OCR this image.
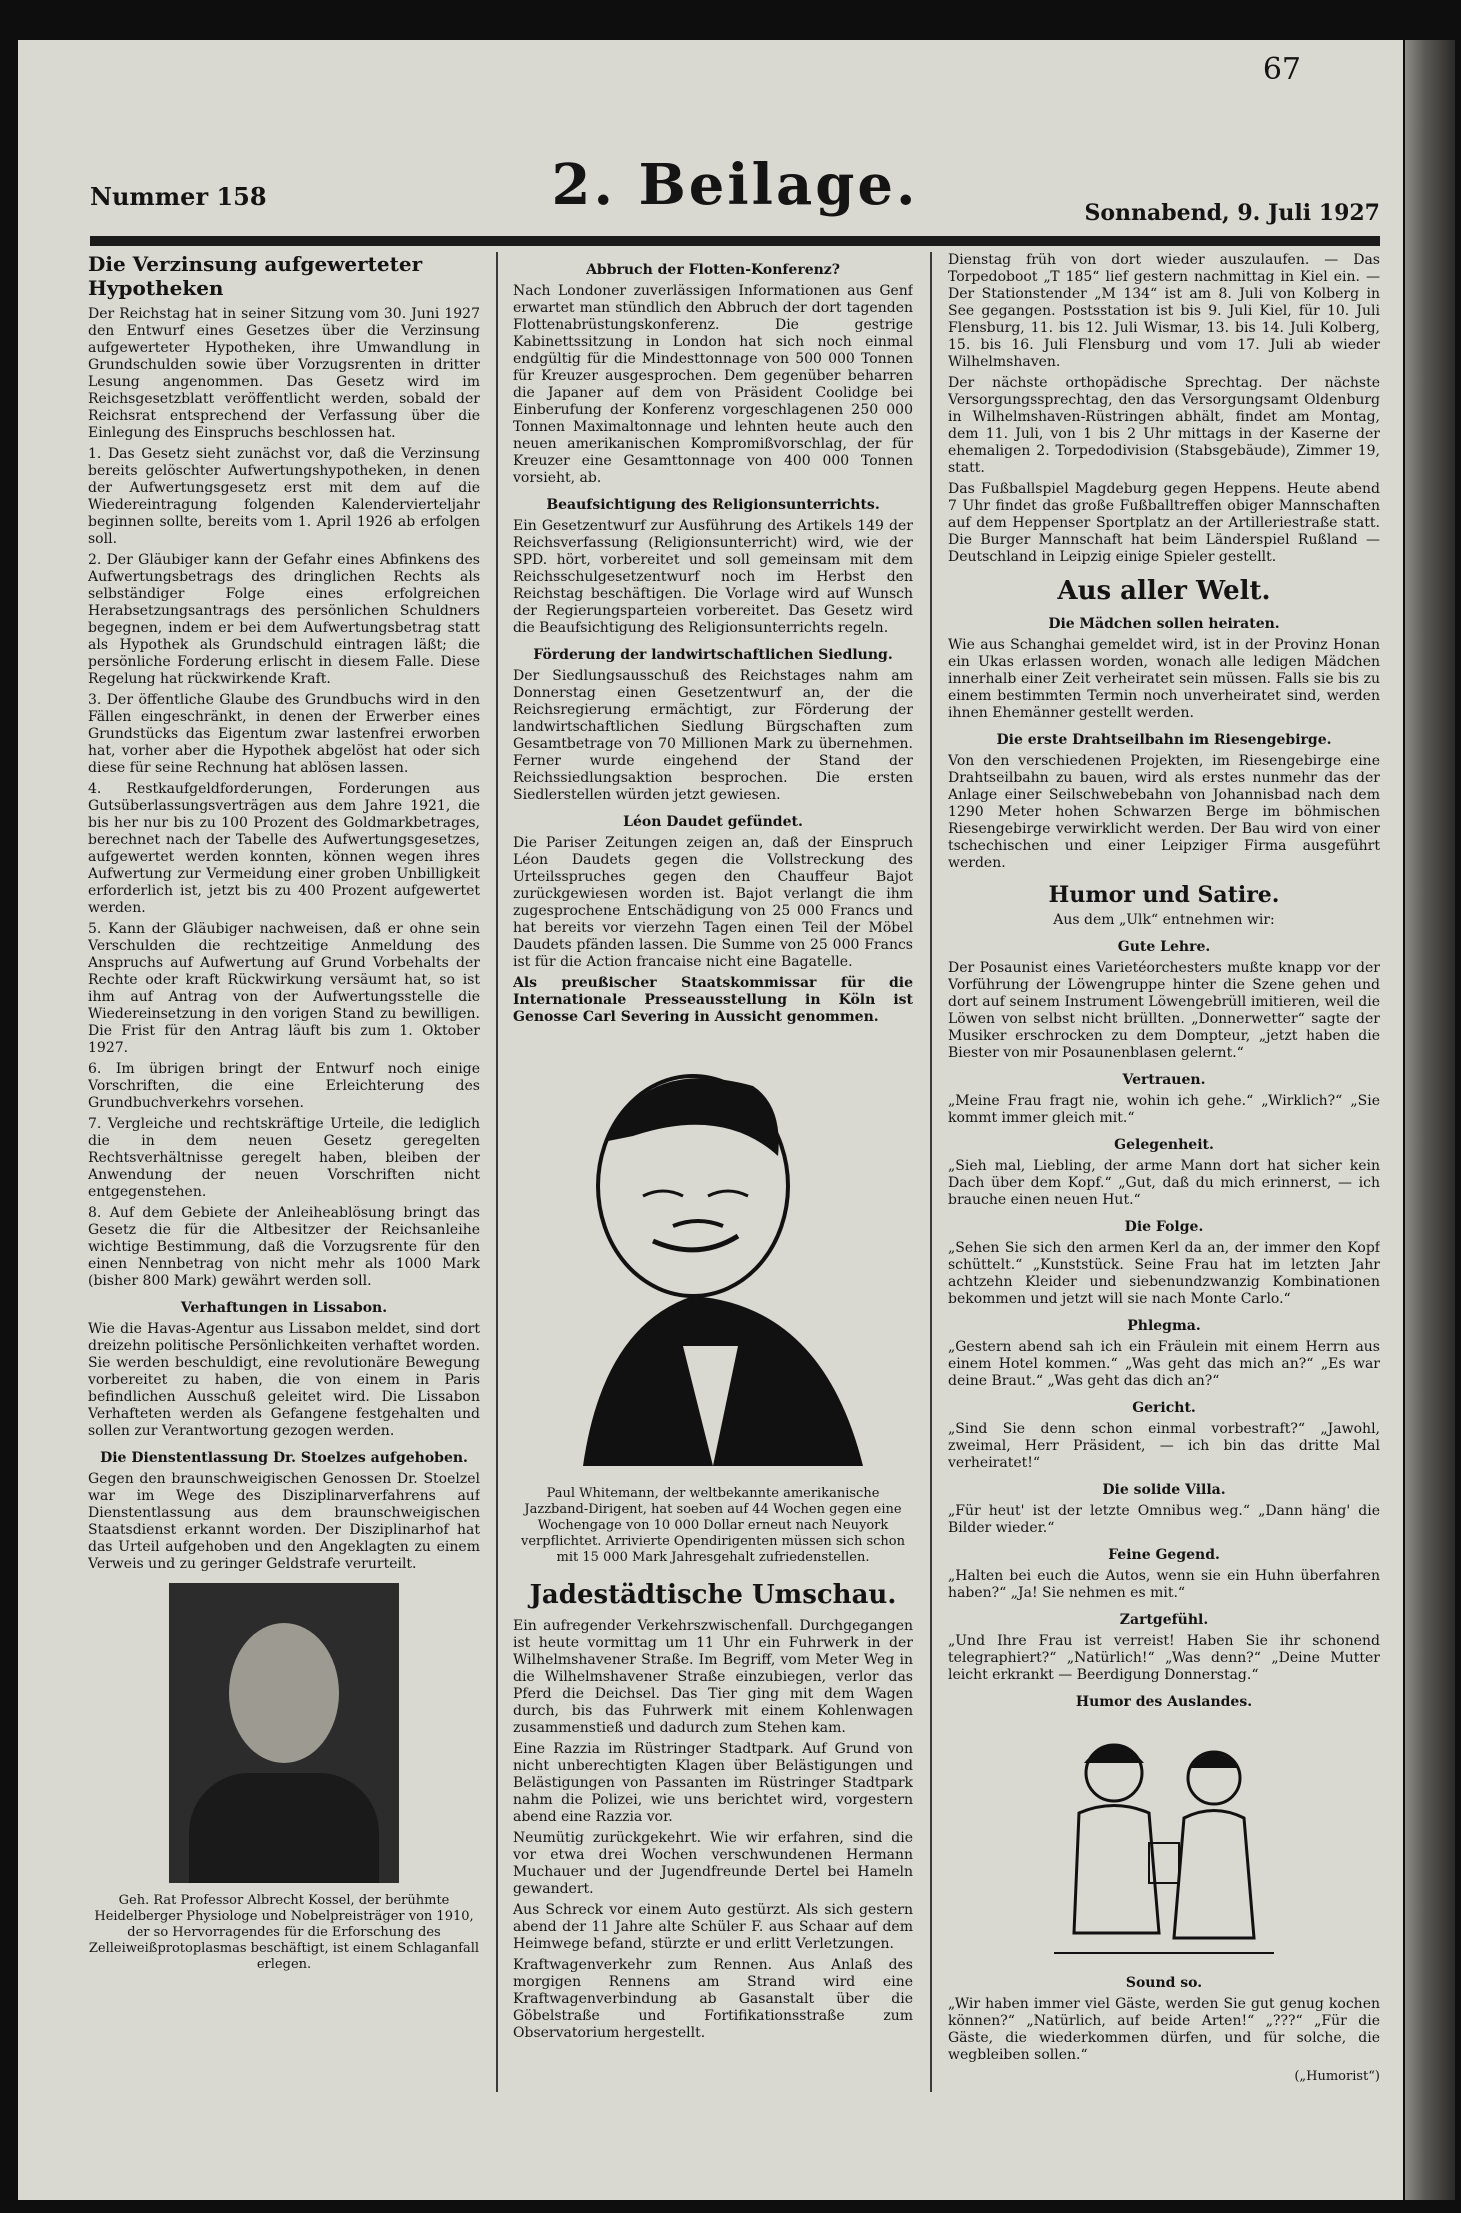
67
Nummer 158	2. Beilage.	Sonnabend, 9. Juli 1927
Die Verzinsung aufgewerteter Hypotheken

Der Reichstag hat in seiner Sitzung vom 30. Juni 1927 den Entwurf eines Gesetzes über die Verzinsung aufgewerteter Hypotheken, ihre Umwandlung in Grundschulden sowie über Vorzugsrenten in dritter Lesung angenommen. Das Gesetz wird im Reichsgesetzblatt veröffentlicht werden, sobald der Reichsrat entsprechend der Verfassung über die Einlegung des Einspruchs beschlossen hat.

1. Das Gesetz sieht zunächst vor, daß die Verzinsung bereits gelöschter Aufwertungshypotheken, in denen der Aufwertungsgesetz erst mit dem auf die Wiedereintragung folgenden Kalendervierteljahr beginnen sollte, bereits vom 1. April 1926 ab erfolgen soll.

2. Der Gläubiger kann der Gefahr eines Abfinkens des Aufwertungsbetrags des dringlichen Rechts als selbständiger Folge eines erfolgreichen Herabsetzungsantrags des persönlichen Schuldners begegnen, indem er bei dem Aufwertungsbetrag statt als Hypothek als Grundschuld eintragen läßt; die persönliche Forderung erlischt in diesem Falle. Diese Regelung hat rückwirkende Kraft.

3. Der öffentliche Glaube des Grundbuchs wird in den Fällen eingeschränkt, in denen der Erwerber eines Grundstücks das Eigentum zwar lastenfrei erworben hat, vorher aber die Hypothek abgelöst hat oder sich diese für seine Rechnung hat ablösen lassen.

4. Restkaufgeldforderungen, Forderungen aus Gutsüberlassungsverträgen aus dem Jahre 1921, die bis her nur bis zu 100 Prozent des Goldmarkbetrages, berechnet nach der Tabelle des Aufwertungsgesetzes, aufgewertet werden konnten, können wegen ihres Aufwertung zur Vermeidung einer groben Unbilligkeit erforderlich ist, jetzt bis zu 400 Prozent aufgewertet werden.

5. Kann der Gläubiger nachweisen, daß er ohne sein Verschulden die rechtzeitige Anmeldung des Anspruchs auf Aufwertung auf Grund Vorbehalts der Rechte oder kraft Rückwirkung versäumt hat, so ist ihm auf Antrag von der Aufwertungsstelle die Wiedereinsetzung in den vorigen Stand zu bewilligen. Die Frist für den Antrag läuft bis zum 1. Oktober 1927.

6. Im übrigen bringt der Entwurf noch einige Vorschriften, die eine Erleichterung des Grundbuchverkehrs vorsehen.

7. Vergleiche und rechtskräftige Urteile, die lediglich die in dem neuen Gesetz geregelten Rechtsverhältnisse geregelt haben, bleiben der Anwendung der neuen Vorschriften nicht entgegenstehen.

8. Auf dem Gebiete der Anleiheablösung bringt das Gesetz die für die Altbesitzer der Reichsanleihe wichtige Bestimmung, daß die Vorzugsrente für den einen Nennbetrag von nicht mehr als 1000 Mark (bisher 800 Mark) gewährt werden soll.

Verhaftungen in Lissabon.

Wie die Havas-Agentur aus Lissabon meldet, sind dort dreizehn politische Persönlichkeiten verhaftet worden. Sie werden beschuldigt, eine revolutionäre Bewegung vorbereitet zu haben, die von einem in Paris befindlichen Ausschuß geleitet wird. Die Lissabon Verhafteten werden als Gefangene festgehalten und sollen zur Verantwortung gezogen werden.

Die Dienstentlassung Dr. Stoelzes aufgehoben.

Gegen den braunschweigischen Genossen Dr. Stoelzel war im Wege des Disziplinarverfahrens auf Dienstentlassung aus dem braunschweigischen Staatsdienst erkannt worden. Der Disziplinarhof hat das Urteil aufgehoben und den Angeklagten zu einem Verweis und zu geringer Geldstrafe verurteilt.

Geh. Rat Professor Albrecht Kossel, der berühmte Heidelberger Physiologe und Nobelpreisträger von 1910, der so Hervorragendes für die Erforschung des Zelleiweißprotoplasmas beschäftigt, ist einem Schlaganfall erlegen.
Abbruch der Flotten-Konferenz?

Nach Londoner zuverlässigen Informationen aus Genf erwartet man stündlich den Abbruch der dort tagenden Flottenabrüstungskonferenz. Die gestrige Kabinettssitzung in London hat sich noch einmal endgültig für die Mindesttonnage von 500 000 Tonnen für Kreuzer ausgesprochen. Dem gegenüber beharren die Japaner auf dem von Präsident Coolidge bei Einberufung der Konferenz vorgeschlagenen 250 000 Tonnen Maximaltonnage und lehnten heute auch den neuen amerikanischen Kompromißvorschlag, der für Kreuzer eine Gesamttonnage von 400 000 Tonnen vorsieht, ab.

Beaufsichtigung des Religionsunterrichts.

Ein Gesetzentwurf zur Ausführung des Artikels 149 der Reichsverfassung (Religionsunterricht) wird, wie der SPD. hört, vorbereitet und soll gemeinsam mit dem Reichsschulgesetzentwurf noch im Herbst den Reichstag beschäftigen. Die Vorlage wird auf Wunsch der Regierungsparteien vorbereitet. Das Gesetz wird die Beaufsichtigung des Religionsunterrichts regeln.

Förderung der landwirtschaftlichen Siedlung.

Der Siedlungsausschuß des Reichstages nahm am Donnerstag einen Gesetzentwurf an, der die Reichsregierung ermächtigt, zur Förderung der landwirtschaftlichen Siedlung Bürgschaften zum Gesamtbetrage von 70 Millionen Mark zu übernehmen. Ferner wurde eingehend der Stand der Reichssiedlungsaktion besprochen. Die ersten Siedlerstellen würden jetzt gewiesen.

Léon Daudet gefündet.

Die Pariser Zeitungen zeigen an, daß der Einspruch Léon Daudets gegen die Vollstreckung des Urteilsspruches gegen den Chauffeur Bajot zurückgewiesen worden ist. Bajot verlangt die ihm zugesprochene Entschädigung von 25 000 Francs und hat bereits vor vierzehn Tagen einen Teil der Möbel Daudets pfänden lassen. Die Summe von 25 000 Francs ist für die Action francaise nicht eine Bagatelle.

Als preußischer Staatskommissar für die Internationale Presseausstellung in Köln ist Genosse Carl Severing in Aussicht genommen.

Paul Whitemann, der weltbekannte amerikanische Jazzband-Dirigent, hat soeben auf 44 Wochen gegen eine Wochengage von 10 000 Dollar erneut nach Neuyork verpflichtet. Arrivierte Opendirigenten müssen sich schon mit 15 000 Mark Jahresgehalt zufriedenstellen.
Jadestädtische Umschau.

Ein aufregender Verkehrszwischenfall. Durchgegangen ist heute vormittag um 11 Uhr ein Fuhrwerk in der Wilhelmshavener Straße. Im Begriff, vom Meter Weg in die Wilhelmshavener Straße einzubiegen, verlor das Pferd die Deichsel. Das Tier ging mit dem Wagen durch, bis das Fuhrwerk mit einem Kohlenwagen zusammenstieß und dadurch zum Stehen kam.

Eine Razzia im Rüstringer Stadtpark. Auf Grund von nicht unberechtigten Klagen über Belästigungen und Belästigungen von Passanten im Rüstringer Stadtpark nahm die Polizei, wie uns berichtet wird, vorgestern abend eine Razzia vor.

Neumütig zurückgekehrt. Wie wir erfahren, sind die vor etwa drei Wochen verschwundenen Hermann Muchauer und der Jugendfreunde Dertel bei Hameln gewandert.

Aus Schreck vor einem Auto gestürzt. Als sich gestern abend der 11 Jahre alte Schüler F. aus Schaar auf dem Heimwege befand, stürzte er und erlitt Verletzungen.

Kraftwagenverkehr zum Rennen. Aus Anlaß des morgigen Rennens am Strand wird eine Kraftwagenverbindung ab Gasanstalt über die Göbelstraße und Fortifikationsstraße zum Observatorium hergestellt.

Dienstag früh von dort wieder auszulaufen. — Das Torpedoboot „T 185“ lief gestern nachmittag in Kiel ein. — Der Stationstender „M 134“ ist am 8. Juli von Kolberg in See gegangen. Postsstation ist bis 9. Juli Kiel, für 10. Juli Flensburg, 11. bis 12. Juli Wismar, 13. bis 14. Juli Kolberg, 15. bis 16. Juli Flensburg und vom 17. Juli ab wieder Wilhelmshaven.

Der nächste orthopädische Sprechtag. Der nächste Versorgungssprechtag, den das Versorgungsamt Oldenburg in Wilhelmshaven-Rüstringen abhält, findet am Montag, dem 11. Juli, von 1 bis 2 Uhr mittags in der Kaserne der ehemaligen 2. Torpedodivision (Stabsgebäude), Zimmer 19, statt.

Das Fußballspiel Magdeburg gegen Heppens. Heute abend 7 Uhr findet das große Fußballtreffen obiger Mannschaften auf dem Heppenser Sportplatz an der Artilleriestraße statt. Die Burger Mannschaft hat beim Länderspiel Rußland — Deutschland in Leipzig einige Spieler gestellt.

Aus aller Welt.
Die Mädchen sollen heiraten.

Wie aus Schanghai gemeldet wird, ist in der Provinz Honan ein Ukas erlassen worden, wonach alle ledigen Mädchen innerhalb einer Zeit verheiratet sein müssen. Falls sie bis zu einem bestimmten Termin noch unverheiratet sind, werden ihnen Ehemänner gestellt werden.

Die erste Drahtseilbahn im Riesengebirge.

Von den verschiedenen Projekten, im Riesengebirge eine Drahtseilbahn zu bauen, wird als erstes nunmehr das der Anlage einer Seilschwebebahn von Johannisbad nach dem 1290 Meter hohen Schwarzen Berge im böhmischen Riesengebirge verwirklicht werden. Der Bau wird von einer tschechischen und einer Leipziger Firma ausgeführt werden.

Humor und Satire.

Aus dem „Ulk“ entnehmen wir:

Gute Lehre.

Der Posaunist eines Varietéorchesters mußte knapp vor der Vorführung der Löwengruppe hinter die Szene gehen und dort auf seinem Instrument Löwengebrüll imitieren, weil die Löwen von selbst nicht brüllten. „Donnerwetter“ sagte der Musiker erschrocken zu dem Dompteur, „jetzt haben die Biester von mir Posaunenblasen gelernt.“

Vertrauen.

„Meine Frau fragt nie, wohin ich gehe.“ „Wirklich?“ „Sie kommt immer gleich mit.“

Gelegenheit.

„Sieh mal, Liebling, der arme Mann dort hat sicher kein Dach über dem Kopf.“ „Gut, daß du mich erinnerst, — ich brauche einen neuen Hut.“

Die Folge.

„Sehen Sie sich den armen Kerl da an, der immer den Kopf schüttelt.“ „Kunststück. Seine Frau hat im letzten Jahr achtzehn Kleider und siebenundzwanzig Kombinationen bekommen und jetzt will sie nach Monte Carlo.“

Phlegma.

„Gestern abend sah ich ein Fräulein mit einem Herrn aus einem Hotel kommen.“ „Was geht das mich an?“ „Es war deine Braut.“ „Was geht das dich an?“

Gericht.

„Sind Sie denn schon einmal vorbestraft?“ „Jawohl, zweimal, Herr Präsident, — ich bin das dritte Mal verheiratet!“

Die solide Villa.

„Für heut' ist der letzte Omnibus weg.“ „Dann häng' die Bilder wieder.“

Feine Gegend.

„Halten bei euch die Autos, wenn sie ein Huhn überfahren haben?“ „Ja! Sie nehmen es mit.“

Zartgefühl.

„Und Ihre Frau ist verreist! Haben Sie ihr schonend telegraphiert?“ „Natürlich!“ „Was denn?“ „Deine Mutter leicht erkrankt — Beerdigung Donnerstag.“

Humor des Auslandes.
Sound so.

„Wir haben immer viel Gäste, werden Sie gut genug kochen können?“ „Natürlich, auf beide Arten!“ „???“ „Für die Gäste, die wiederkommen dürfen, und für solche, die wegbleiben sollen.“

(„Humorist“)
